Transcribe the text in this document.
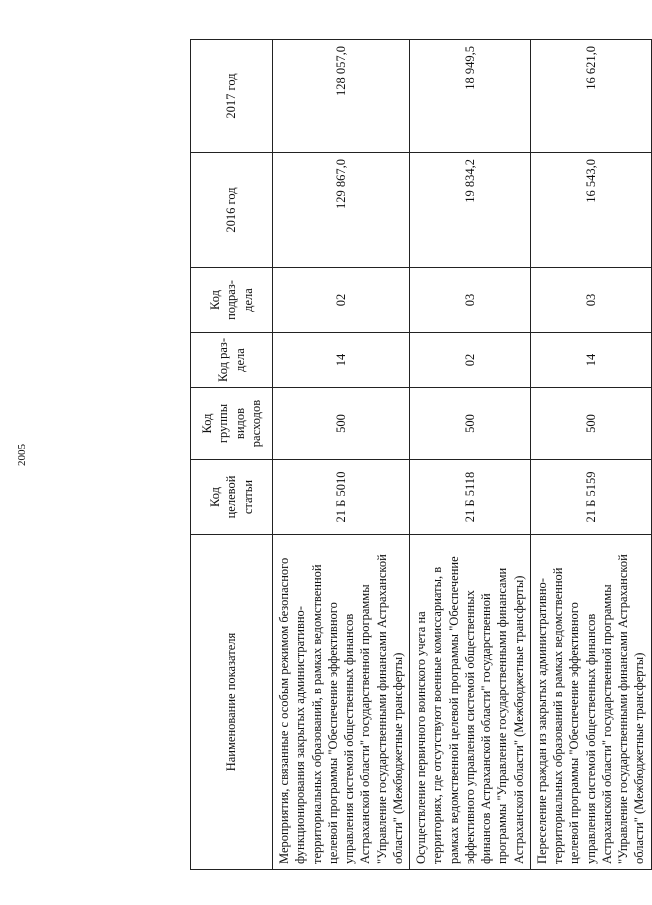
2005
Наименование показателя	Код целевой статьи	Код группы видов расходов	Код раз- дела	Код подраз- дела	2016 год	2017 год
Мероприятия, связанные с особым режимом безопасного функционирования закрытых административно-территориальных образований, в рамках ведомственной целевой программы "Обеспечение эффективного управления системой общественных финансов Астраханской области" государственной программы "Управление государственными финансами Астраханской области" (Межбюджетные трансферты)	21 Б 5010	500	14	02	129 867,0	128 057,0
Осуществление первичного воинского учета на территориях, где отсутствуют военные комиссариаты, в рамках ведомственной целевой программы "Обеспечение эффективного управления системой общественных финансов Астраханской области" государственной программы "Управление государственными финансами Астраханской области" (Межбюджетные трансферты)	21 Б 5118	500	02	03	19 834,2	18 949,5
Переселение граждан из закрытых административно-территориальных образований в рамках ведомственной целевой программы "Обеспечение эффективного управления системой общественных финансов Астраханской области" государственной программы "Управление государственными финансами Астраханской области" (Межбюджетные трансферты)	21 Б 5159	500	14	03	16 543,0	16 621,0
